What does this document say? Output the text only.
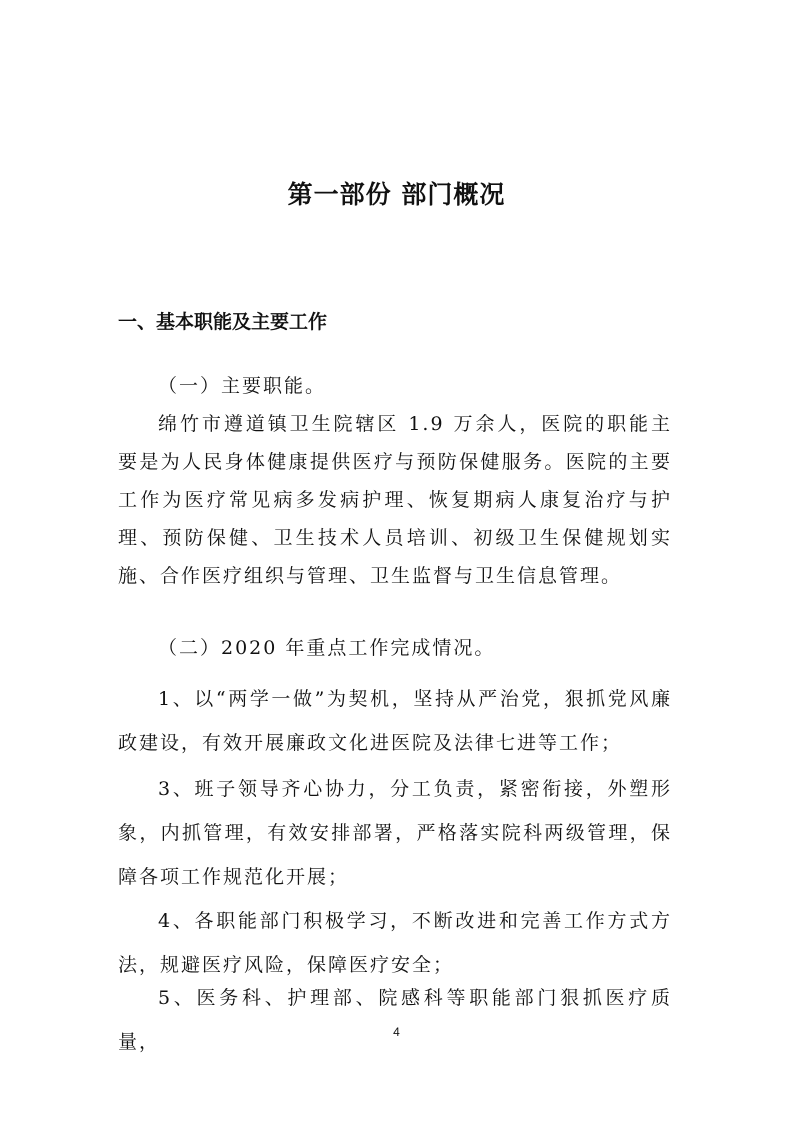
第一部份 部门概况
一、基本职能及主要工作

（一）主要职能。

绵竹市遵道镇卫生院辖区 1.9 万余人，医院的职能主要是为人民身体健康提供医疗与预防保健服务。医院的主要工作为医疗常见病多发病护理、恢复期病人康复治疗与护理、预防保健、卫生技术人员培训、初级卫生保健规划实施、合作医疗组织与管理、卫生监督与卫生信息管理。

（二）2020 年重点工作完成情况。

1、以“两学一做”为契机，坚持从严治党，狠抓党风廉政建设，有效开展廉政文化进医院及法律七进等工作；

3、班子领导齐心协力，分工负责，紧密衔接，外塑形象，内抓管理，有效安排部署，严格落实院科两级管理，保障各项工作规范化开展；

4、各职能部门积极学习，不断改进和完善工作方式方法，规避医疗风险，保障医疗安全；

5、医务科、护理部、院感科等职能部门狠抓医疗质量，	4
